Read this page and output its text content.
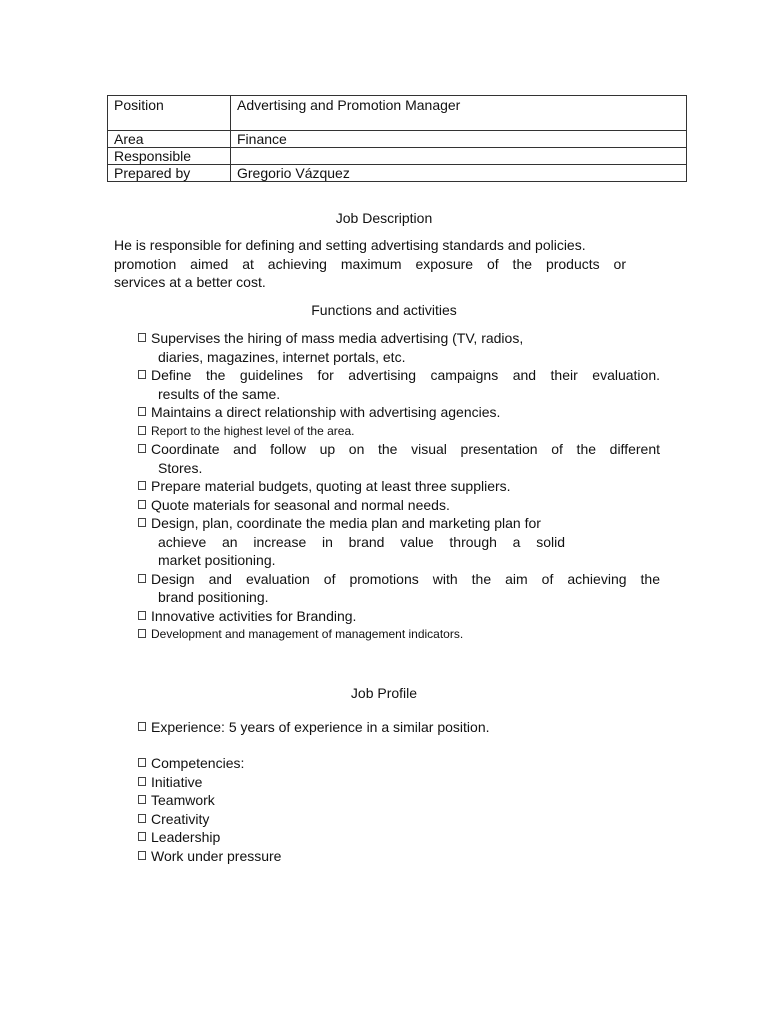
Position	Advertising and Promotion Manager
Area	Finance
Responsible	
Prepared by	Gregorio Vázquez
Job Description
He is responsible for defining and setting advertising standards and policies.
promotion aimed at achieving maximum exposure of the products or
services at a better cost.
Functions and activities
Supervises the hiring of mass media advertising (TV, radios,
diaries, magazines, internet portals, etc.
Define the guidelines for advertising campaigns and their evaluation.
results of the same.
Maintains a direct relationship with advertising agencies.
Report to the highest level of the area.
Coordinate and follow up on the visual presentation of the different
Stores.
Prepare material budgets, quoting at least three suppliers.
Quote materials for seasonal and normal needs.
Design, plan, coordinate the media plan and marketing plan for
achieve an increase in brand value through a solid
market positioning.
Design and evaluation of promotions with the aim of achieving the
brand positioning.
Innovative activities for Branding.
Development and management of management indicators.
Job Profile
Experience: 5 years of experience in a similar position.
Competencies:
Initiative
Teamwork
Creativity
Leadership
Work under pressure
